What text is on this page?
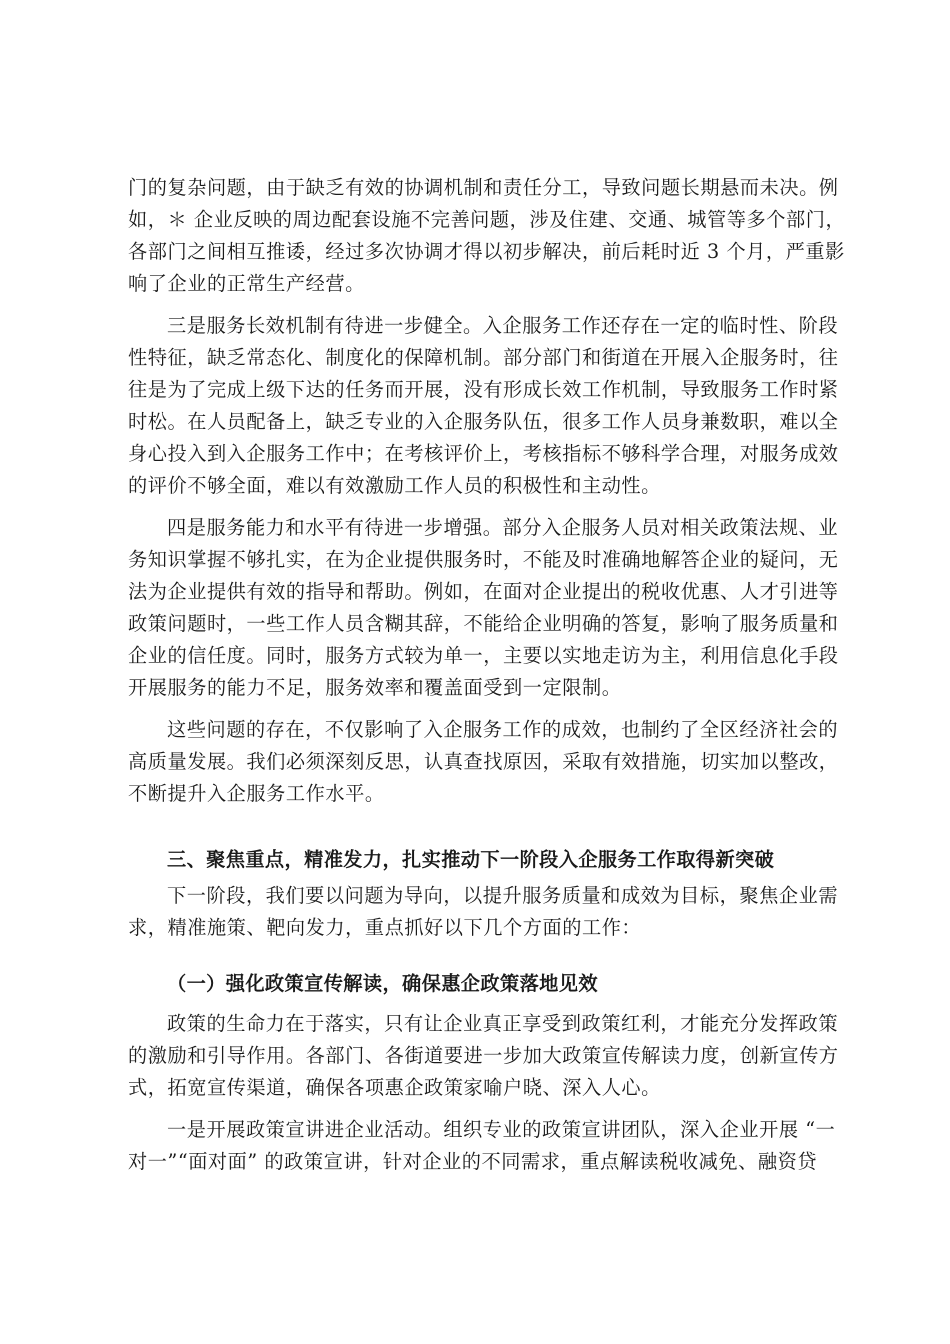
门的复杂问题，由于缺乏有效的协调机制和责任分工，导致问题长期悬而未决。例
如，＊ 企业反映的周边配套设施不完善问题，涉及住建、交通、城管等多个部门，
各部门之间相互推诿，经过多次协调才得以初步解决，前后耗时近 3 个月，严重影
响了企业的正常生产经营。
三是服务长效机制有待进一步健全。入企服务工作还存在一定的临时性、阶段
性特征，缺乏常态化、制度化的保障机制。部分部门和街道在开展入企服务时，往
往是为了完成上级下达的任务而开展，没有形成长效工作机制，导致服务工作时紧
时松。在人员配备上，缺乏专业的入企服务队伍，很多工作人员身兼数职，难以全
身心投入到入企服务工作中；在考核评价上，考核指标不够科学合理，对服务成效
的评价不够全面，难以有效激励工作人员的积极性和主动性。
四是服务能力和水平有待进一步增强。部分入企服务人员对相关政策法规、业
务知识掌握不够扎实，在为企业提供服务时，不能及时准确地解答企业的疑问，无
法为企业提供有效的指导和帮助。例如，在面对企业提出的税收优惠、人才引进等
政策问题时，一些工作人员含糊其辞，不能给企业明确的答复，影响了服务质量和
企业的信任度。同时，服务方式较为单一，主要以实地走访为主，利用信息化手段
开展服务的能力不足，服务效率和覆盖面受到一定限制。
这些问题的存在，不仅影响了入企服务工作的成效，也制约了全区经济社会的
高质量发展。我们必须深刻反思，认真查找原因，采取有效措施，切实加以整改，
不断提升入企服务工作水平。
三、聚焦重点，精准发力，扎实推动下一阶段入企服务工作取得新突破
下一阶段，我们要以问题为导向，以提升服务质量和成效为目标，聚焦企业需
求，精准施策、靶向发力，重点抓好以下几个方面的工作：
（一）强化政策宣传解读，确保惠企政策落地见效
政策的生命力在于落实，只有让企业真正享受到政策红利，才能充分发挥政策
的激励和引导作用。各部门、各街道要进一步加大政策宣传解读力度，创新宣传方
式，拓宽宣传渠道，确保各项惠企政策家喻户晓、深入人心。
一是开展政策宣讲进企业活动。组织专业的政策宣讲团队，深入企业开展 “一
对一”“面对面” 的政策宣讲，针对企业的不同需求，重点解读税收减免、融资贷
